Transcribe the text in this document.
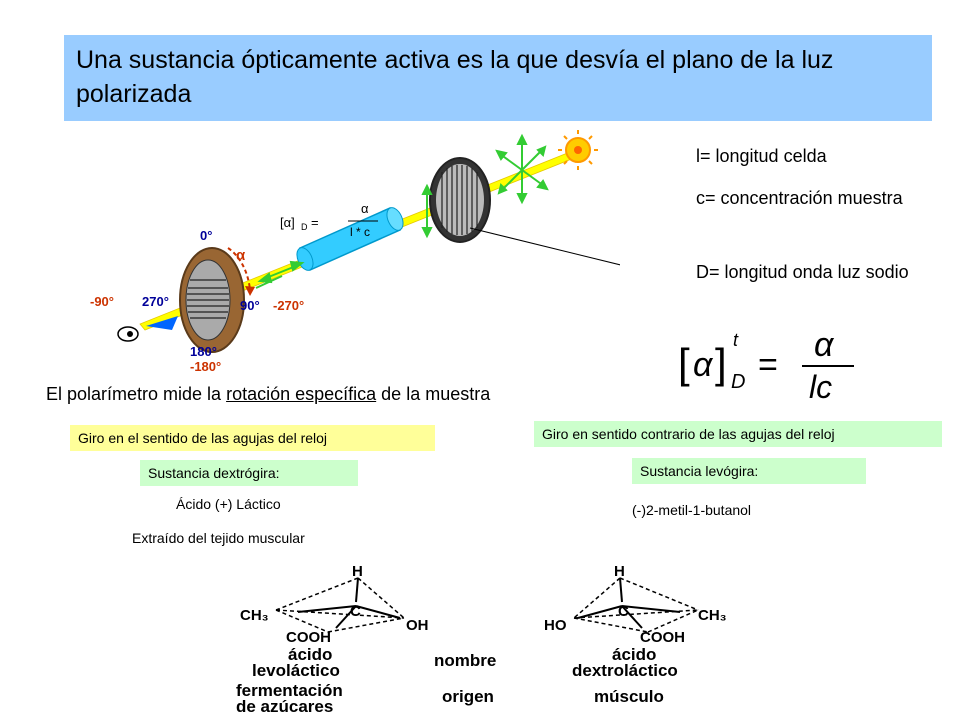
Una sustancia ópticamente activa es la que desvía el plano de la luz polarizada
[α] D =
α
l * c
0°
α
-90° 270°	90° -270°
180°
-180°
l= longitud celda
c= concentración muestra
D= longitud onda luz sodio
[ α ] t
D =
α
lc
El polarímetro mide la rotación específica de la muestra
Giro en el sentido de las agujas del reloj
Sustancia dextrógira:
Ácido (+) Láctico
Extraído del tejido muscular
Giro en sentido contrario de las agujas del reloj
Sustancia levógira:
(-)2-metil-1-butanol
H
C
CH₃
OH
COOH
ácido
levoláctico
fermentación
de azúcares
nombre
origen
H
C
HO
CH₃
COOH
ácido
dextroláctico
músculo
